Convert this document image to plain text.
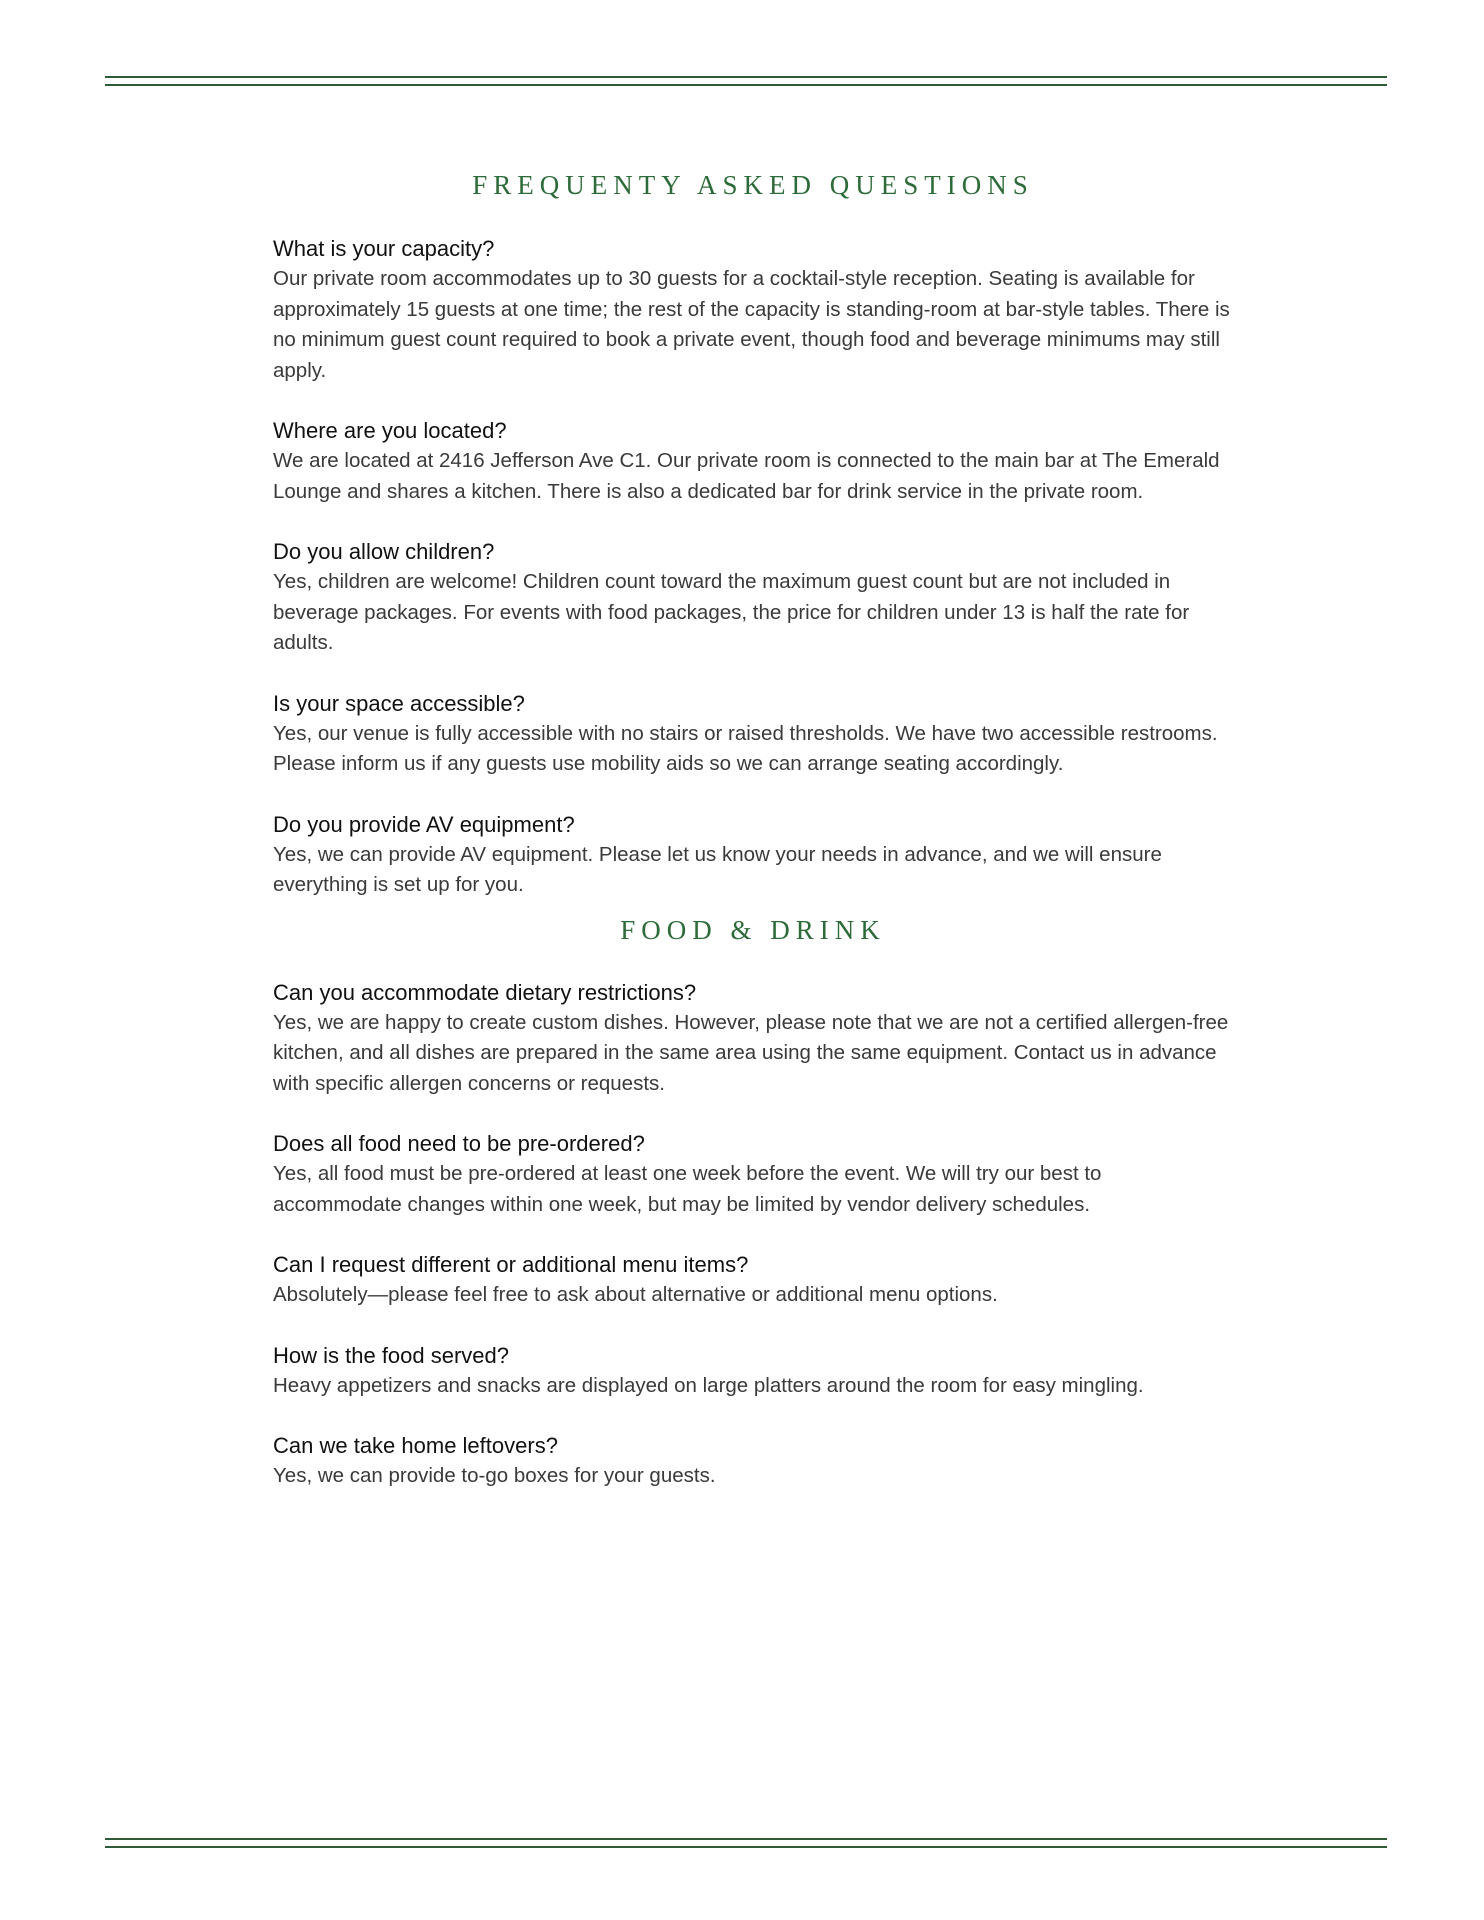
FREQUENTY ASKED QUESTIONS

What is your capacity?

Our private room accommodates up to 30 guests for a cocktail-style reception. Seating is available for approximately 15 guests at one time; the rest of the capacity is standing-room at bar-style tables. There is no minimum guest count required to book a private event, though food and beverage minimums may still apply.

Where are you located?

We are located at 2416 Jefferson Ave C1. Our private room is connected to the main bar at The Emerald Lounge and shares a kitchen. There is also a dedicated bar for drink service in the private room.

Do you allow children?

Yes, children are welcome! Children count toward the maximum guest count but are not included in beverage packages. For events with food packages, the price for children under 13 is half the rate for adults.

Is your space accessible?

Yes, our venue is fully accessible with no stairs or raised thresholds. We have two accessible restrooms. Please inform us if any guests use mobility aids so we can arrange seating accordingly.

Do you provide AV equipment?

Yes, we can provide AV equipment. Please let us know your needs in advance, and we will ensure everything is set up for you.

FOOD & DRINK

Can you accommodate dietary restrictions?

Yes, we are happy to create custom dishes. However, please note that we are not a certified allergen-free kitchen, and all dishes are prepared in the same area using the same equipment. Contact us in advance with specific allergen concerns or requests.

Does all food need to be pre-ordered?

Yes, all food must be pre-ordered at least one week before the event. We will try our best to accommodate changes within one week, but may be limited by vendor delivery schedules.

Can I request different or additional menu items?

Absolutely—please feel free to ask about alternative or additional menu options.

How is the food served?

Heavy appetizers and snacks are displayed on large platters around the room for easy mingling.

Can we take home leftovers?

Yes, we can provide to-go boxes for your guests.
